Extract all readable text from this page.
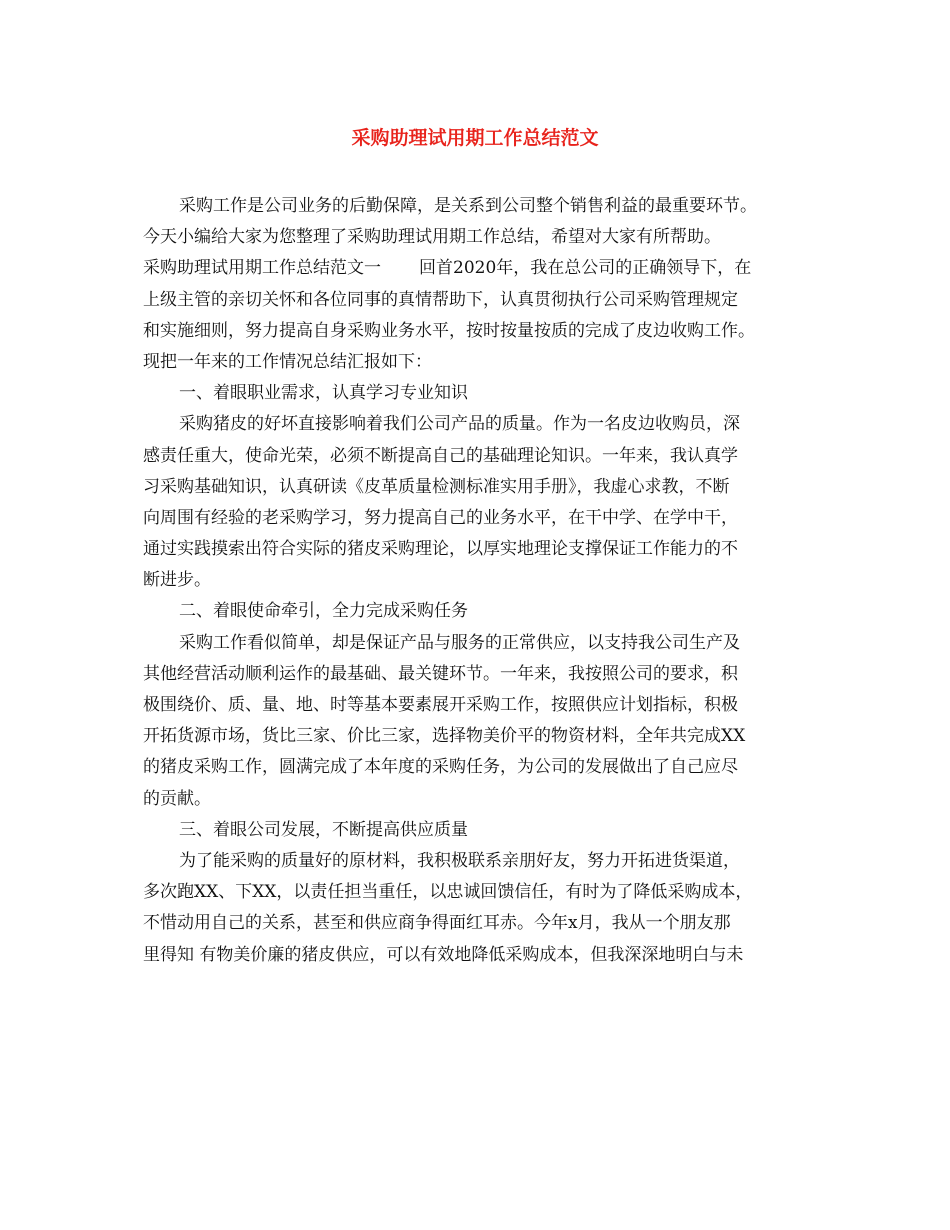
采购助理试用期工作总结范文
采购工作是公司业务的后勤保障，是关系到公司整个销售利益的最重要环节。
今天小编给大家为您整理了采购助理试用期工作总结，希望对大家有所帮助。
采购助理试用期工作总结范文一 回首2020年，我在总公司的正确领导下，在
上级主管的亲切关怀和各位同事的真情帮助下，认真贯彻执行公司采购管理规定
和实施细则，努力提高自身采购业务水平，按时按量按质的完成了皮边收购工作。
现把一年来的工作情况总结汇报如下：
一、着眼职业需求，认真学习专业知识
采购猪皮的好坏直接影响着我们公司产品的质量。作为一名皮边收购员，深
感责任重大，使命光荣，必须不断提高自己的基础理论知识。一年来，我认真学
习采购基础知识，认真研读《皮革质量检测标准实用手册》，我虚心求教，不断
向周围有经验的老采购学习，努力提高自己的业务水平，在干中学、在学中干，
通过实践摸索出符合实际的猪皮采购理论，以厚实地理论支撑保证工作能力的不
断进步。
二、着眼使命牵引，全力完成采购任务
采购工作看似简单，却是保证产品与服务的正常供应，以支持我公司生产及
其他经营活动顺利运作的最基础、最关键环节。一年来，我按照公司的要求，积
极围绕价、质、量、地、时等基本要素展开采购工作，按照供应计划指标，积极
开拓货源市场，货比三家、价比三家，选择物美价平的物资材料，全年共完成XX
的猪皮采购工作，圆满完成了本年度的采购任务，为公司的发展做出了自己应尽
的贡献。
三、着眼公司发展，不断提高供应质量
为了能采购的质量好的原材料，我积极联系亲朋好友，努力开拓进货渠道，
多次跑XX、下XX，以责任担当重任，以忠诚回馈信任，有时为了降低采购成本，
不惜动用自己的关系，甚至和供应商争得面红耳赤。今年x月，我从一个朋友那
里得知 有物美价廉的猪皮供应，可以有效地降低采购成本，但我深深地明白与未
